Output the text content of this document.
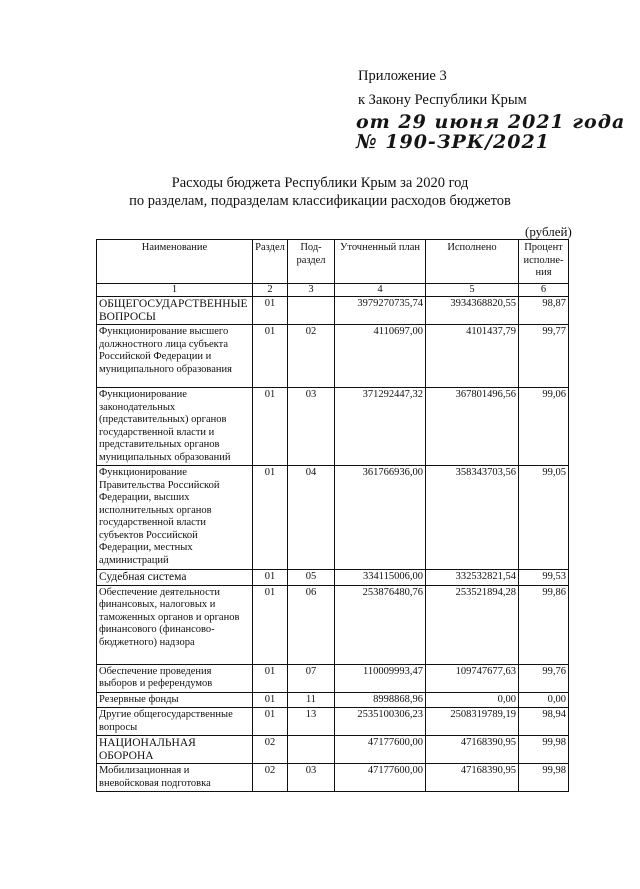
Приложение 3
к Закону Республики Крым
от 29 июня 2021 года
№ 190-ЗРК/2021
Расходы бюджета Республики Крым за 2020 год
по разделам, подразделам классификации расходов бюджетов
(рублей)
Наименование	Раздел	Под-раздел	Уточненный план	Исполнено	Процент исполне-ния
1	2	3	4	5	6
ОБЩЕГОСУДАРСТВЕННЫЕ ВОПРОСЫ	01		3979270735,74	3934368820,55	98,87
Функционирование высшего должностного лица субъекта Российской Федерации и муниципального образования	01	02	4110697,00	4101437,79	99,77
Функционирование законодательных (представительных) органов государственной власти и представительных органов муниципальных образований	01	03	371292447,32	367801496,56	99,06
Функционирование Правительства Российской Федерации, высших исполнительных органов государственной власти субъектов Российской Федерации, местных администраций	01	04	361766936,00	358343703,56	99,05
Судебная система	01	05	334115006,00	332532821,54	99,53
Обеспечение деятельности финансовых, налоговых и таможенных органов и органов финансового (финансово-бюджетного) надзора	01	06	253876480,76	253521894,28	99,86
Обеспечение проведения выборов и референдумов	01	07	110009993,47	109747677,63	99,76
Резервные фонды	01	11	8998868,96	0,00	0,00
Другие общегосударственные вопросы	01	13	2535100306,23	2508319789,19	98,94
НАЦИОНАЛЬНАЯ ОБОРОНА	02		47177600,00	47168390,95	99,98
Мобилизационная и вневойсковая подготовка	02	03	47177600,00	47168390,95	99,98
